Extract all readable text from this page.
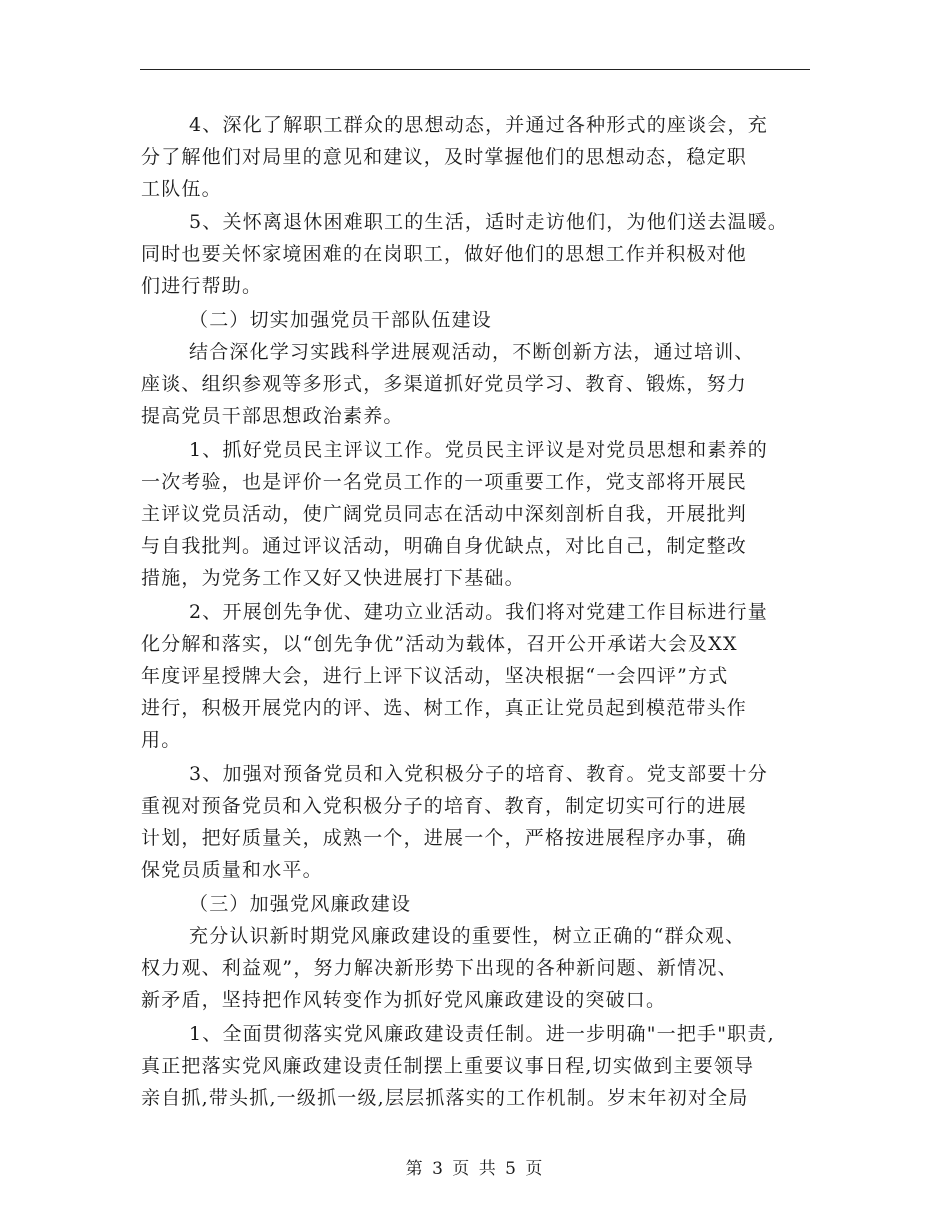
4、深化了解职工群众的思想动态，并通过各种形式的座谈会，充
分了解他们对局里的意见和建议，及时掌握他们的思想动态，稳定职
工队伍。
5、关怀离退休困难职工的生活，适时走访他们，为他们送去温暖。
同时也要关怀家境困难的在岗职工，做好他们的思想工作并积极对他
们进行帮助。
（二）切实加强党员干部队伍建设
结合深化学习实践科学进展观活动，不断创新方法，通过培训、
座谈、组织参观等多形式，多渠道抓好党员学习、教育、锻炼，努力
提高党员干部思想政治素养。
1、抓好党员民主评议工作。党员民主评议是对党员思想和素养的
一次考验，也是评价一名党员工作的一项重要工作，党支部将开展民
主评议党员活动，使广阔党员同志在活动中深刻剖析自我，开展批判
与自我批判。通过评议活动，明确自身优缺点，对比自己，制定整改
措施，为党务工作又好又快进展打下基础。
2、开展创先争优、建功立业活动。我们将对党建工作目标进行量
化分解和落实，以“创先争优”活动为载体，召开公开承诺大会及XX
年度评星授牌大会，进行上评下议活动，坚决根据“一会四评”方式
进行，积极开展党内的评、选、树工作，真正让党员起到模范带头作
用。
3、加强对预备党员和入党积极分子的培育、教育。党支部要十分
重视对预备党员和入党积极分子的培育、教育，制定切实可行的进展
计划，把好质量关，成熟一个，进展一个，严格按进展程序办事，确
保党员质量和水平。
（三）加强党风廉政建设
充分认识新时期党风廉政建设的重要性，树立正确的“群众观、
权力观、利益观”，努力解决新形势下出现的各种新问题、新情况、
新矛盾，坚持把作风转变作为抓好党风廉政建设的突破口。
1、全面贯彻落实党风廉政建设责任制。进一步明确"一把手"职责,
真正把落实党风廉政建设责任制摆上重要议事日程,切实做到主要领导
亲自抓,带头抓,一级抓一级,层层抓落实的工作机制。岁末年初对全局
第 3 页 共 5 页
